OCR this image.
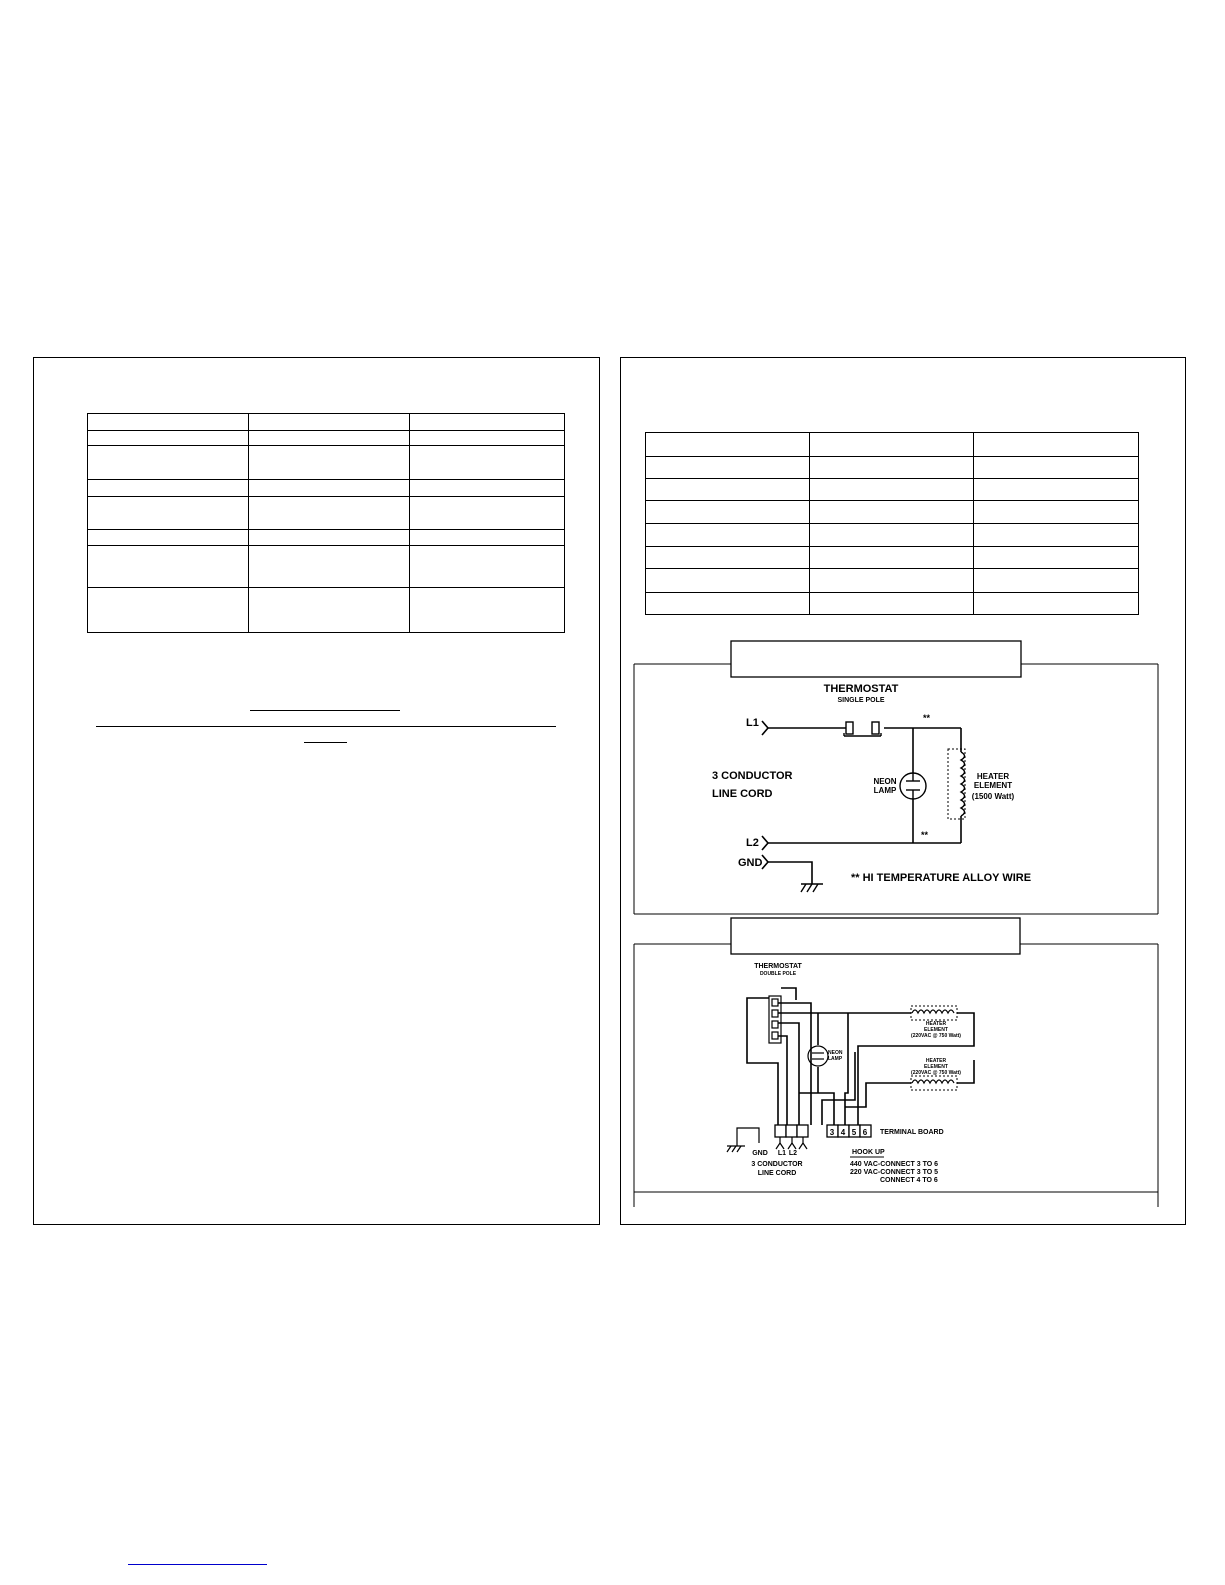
THERMOSTAT
SINGLE POLE
L1
L2
GND
3 CONDUCTOR
LINE CORD
NEON
LAMP
HEATER
ELEMENT
(1500 Watt)
**
**
** HI TEMPERATURE ALLOY WIRE
3 4 5 6
THERMOSTAT
DOUBLE POLE
NEON
LAMP
HEATER
ELEMENT
(220VAC @ 750 Watt)
HEATER
ELEMENT
(220VAC @ 750 Watt)
TERMINAL BOARD
GND L1 L2
3 CONDUCTOR
LINE CORD
HOOK UP
440 VAC-CONNECT 3 TO 6
220 VAC-CONNECT 3 TO 5
CONNECT 4 TO 6
